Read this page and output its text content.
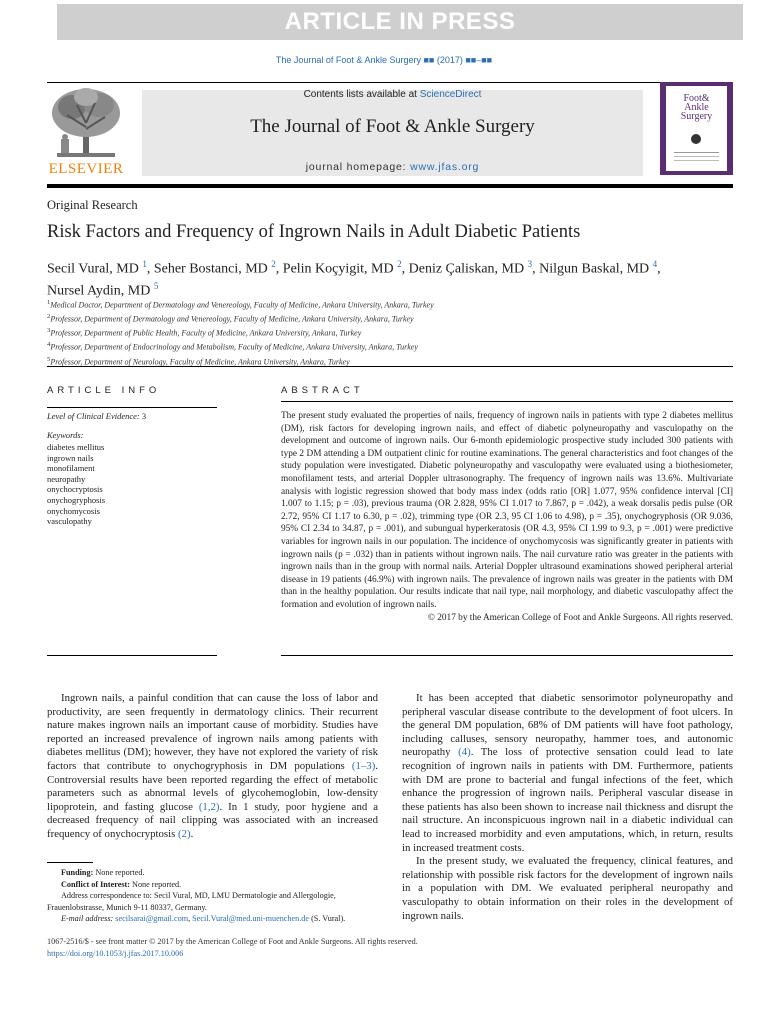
ARTICLE IN PRESS
The Journal of Foot & Ankle Surgery ■■ (2017) ■■–■■
ELSEVIER
Contents lists available at ScienceDirect
The Journal of Foot & Ankle Surgery
journal homepage: www.jfas.org
Foot&
Ankle
Surgery
Original Research
Risk Factors and Frequency of Ingrown Nails in Adult Diabetic Patients
Secil Vural, MD $^1$, Seher Bostanci, MD $^2$, Pelin Koçyigit, MD $^2$, Deniz Çaliskan, MD $^3$, Nilgun Baskal, MD $^4$,
Nursel Aydin, MD $^5$
$^1$Medical Doctor, Department of Dermatology and Venereology, Faculty of Medicine, Ankara University, Ankara, Turkey
$^2$Professor, Department of Dermatology and Venereology, Faculty of Medicine, Ankara University, Ankara, Turkey
$^3$Professor, Department of Public Health, Faculty of Medicine, Ankara University, Ankara, Turkey
$^4$Professor, Department of Endocrinology and Metabolism, Faculty of Medicine, Ankara University, Ankara, Turkey
$^5$Professor, Department of Neurology, Faculty of Medicine, Ankara University, Ankara, Turkey
ARTICLE INFO	ABSTRACT
Level of Clinical Evidence: 3
Keywords:
diabetes mellitus
ingrown nails
monofilament
neuropathy
onychocryptosis
onychogryphosis
onychomycosis
vasculopathy
The present study evaluated the properties of nails, frequency of ingrown nails in patients with type 2 diabetes mellitus (DM), risk factors for developing ingrown nails, and effect of diabetic polyneuropathy and vasculopathy on the development and outcome of ingrown nails. Our 6-month epidemiologic prospective study included 300 patients with type 2 DM attending a DM outpatient clinic for routine examinations. The general characteristics and foot changes of the study population were investigated. Diabetic polyneuropathy and vasculopathy were evaluated using a biothesiometer, monofilament tests, and arterial Doppler ultrasonography. The frequency of ingrown nails was 13.6%. Multivariate analysis with logistic regression showed that body mass index (odds ratio [OR] 1.077, 95% confidence interval [CI] 1.007 to 1.15; p = .03), previous trauma (OR 2.828, 95% CI 1.017 to 7.867, p = .042), a weak dorsalis pedis pulse (OR 2.72, 95% CI 1.17 to 6.30, p = .02), trimming type (OR 2.3, 95 CI 1.06 to 4.98), p = .35), onychogryphosis (OR 9.036, 95% CI 2.34 to 34.87, p = .001), and subungual hyperkeratosis (OR 4.3, 95% CI 1.99 to 9.3, p = .001) were predictive variables for ingrown nails in our population. The incidence of onychomycosis was significantly greater in patients with ingrown nails (p = .032) than in patients without ingrown nails. The nail curvature ratio was greater in the patients with ingrown nails than in the group with normal nails. Arterial Doppler ultrasound examinations showed peripheral arterial disease in 19 patients (46.9%) with ingrown nails. The prevalence of ingrown nails was greater in the patients with DM than in the healthy population. Our results indicate that nail type, nail morphology, and diabetic vasculopathy affect the formation and evolution of ingrown nails.
© 2017 by the American College of Foot and Ankle Surgeons. All rights reserved.

Ingrown nails, a painful condition that can cause the loss of labor and productivity, are seen frequently in dermatology clinics. Their recurrent nature makes ingrown nails an important cause of morbidity. Studies have reported an increased prevalence of ingrown nails among patients with diabetes mellitus (DM); however, they have not explored the variety of risk factors that contribute to onychogryphosis in DM populations (1–3). Controversial results have been reported regarding the effect of metabolic parameters such as abnormal levels of glycohemoglobin, low-density lipoprotein, and fasting glucose (1,2). In 1 study, poor hygiene and a decreased frequency of nail clipping was associated with an increased frequency of onychocryptosis (2).

It has been accepted that diabetic sensorimotor polyneuropathy and peripheral vascular disease contribute to the development of foot ulcers. In the general DM population, 68% of DM patients will have foot pathology, including calluses, sensory neuropathy, hammer toes, and autonomic neuropathy (4). The loss of protective sensation could lead to late recognition of ingrown nails in patients with DM. Furthermore, patients with DM are prone to bacterial and fungal infections of the feet, which enhance the progression of ingrown nails. Peripheral vascular disease in these patients has also been shown to increase nail thickness and disrupt the nail structure. An inconspicuous ingrown nail in a diabetic individual can lead to increased morbidity and even amputations, which, in return, results in increased treatment costs.

In the present study, we evaluated the frequency, clinical features, and relationship with possible risk factors for the development of ingrown nails in a population with DM. We evaluated peripheral neuropathy and vasculopathy to obtain information on their roles in the development of ingrown nails.

Funding: None reported.

Conflict of Interest: None reported.

Address correspondence to: Secil Vural, MD, LMU Dermatologie and Allergologie, Frauenlobstrasse, Munich 9-11 80337, Germany.

E-mail address: secilsarai@gmail.com, Secil.Vural@med.uni-muenchen.de (S. Vural).

1067-2516/$ - see front matter © 2017 by the American College of Foot and Ankle Surgeons. All rights reserved.
https://doi.org/10.1053/j.jfas.2017.10.006
